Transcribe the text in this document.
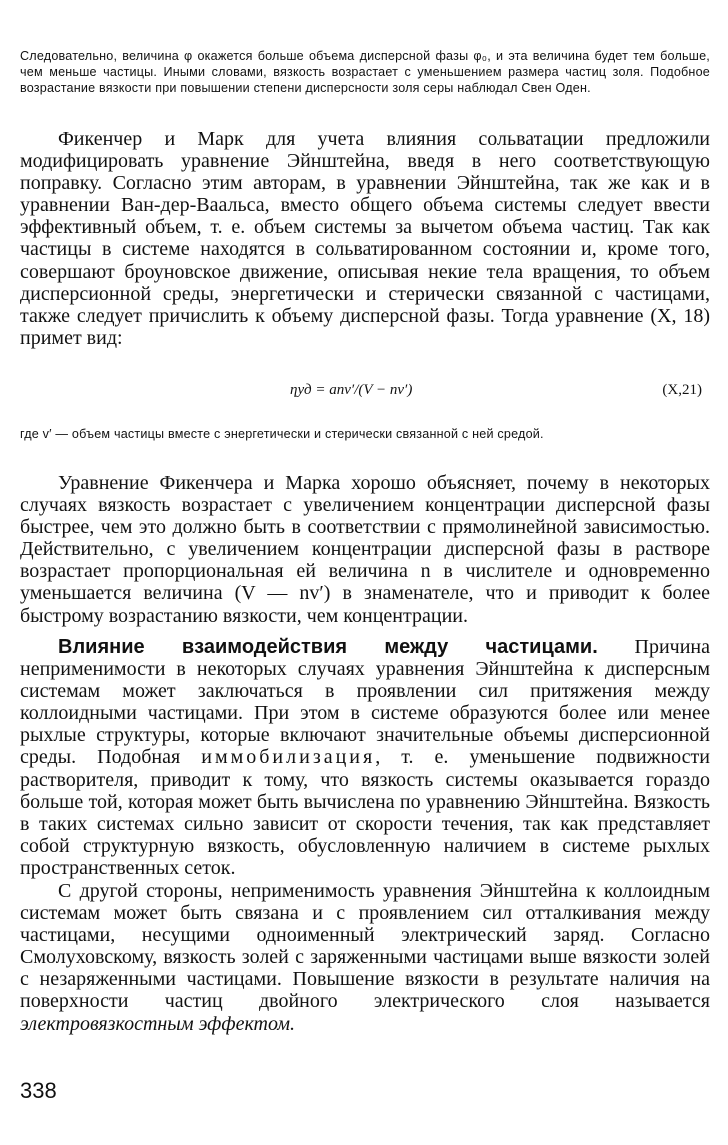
Следовательно, величина φ окажется больше объема дисперсной фазы φ₀, и эта величина будет тем больше, чем меньше частицы. Иными словами, вязкость возрастает с уменьшением размера частиц золя. Подобное возрастание вязкости при повышении степени дисперсности золя серы наблюдал Свен Оден.

Фикенчер и Марк для учета влияния сольватации предложили модифицировать уравнение Эйнштейна, введя в него соответствующую поправку. Согласно этим авторам, в уравнении Эйнштейна, так же как и в уравнении Ван-дер-Ваальса, вместо общего объема системы следует ввести эффективный объем, т. е. объем системы за вычетом объема частиц. Так как частицы в системе находятся в сольватированном состоянии и, кроме того, совершают броуновское движение, описывая некие тела вращения, то объем дисперсионной среды, энергетически и стерически связанной с частицами, также следует причислить к объему дисперсной фазы. Тогда уравнение (X, 18) примет вид:

ηуд = anv′/(V − nv′)	(X,21)

где v′ — объем частицы вместе с энергетически и стерически связанной с ней средой.

Уравнение Фикенчера и Марка хорошо объясняет, почему в некоторых случаях вязкость возрастает с увеличением концентрации дисперсной фазы быстрее, чем это должно быть в соответствии с прямолинейной зависимостью. Действительно, с увеличением концентрации дисперсной фазы в растворе возрастает пропорциональная ей величина n в числителе и одновременно уменьшается величина (V — nv′) в знаменателе, что и приводит к более быстрому возрастанию вязкости, чем концентрации.

Влияние взаимодействия между частицами. Причина неприменимости в некоторых случаях уравнения Эйнштейна к дисперсным системам может заключаться в проявлении сил притяжения между коллоидными частицами. При этом в системе образуются более или менее рыхлые структуры, которые включают значительные объемы дисперсионной среды. Подобная иммобилизация, т. е. уменьшение подвижности растворителя, приводит к тому, что вязкость системы оказывается гораздо больше той, которая может быть вычислена по уравнению Эйнштейна. Вязкость в таких системах сильно зависит от скорости течения, так как представляет собой структурную вязкость, обусловленную наличием в системе рыхлых пространственных сеток.

С другой стороны, неприменимость уравнения Эйнштейна к коллоидным системам может быть связана и с проявлением сил отталкивания между частицами, несущими одноименный электрический заряд. Согласно Смолуховскому, вязкость золей с заряженными частицами выше вязкости золей с незаряженными частицами. Повышение вязкости в результате наличия на поверхности частиц двойного электрического слоя называется электровязкостным эффектом.

338
